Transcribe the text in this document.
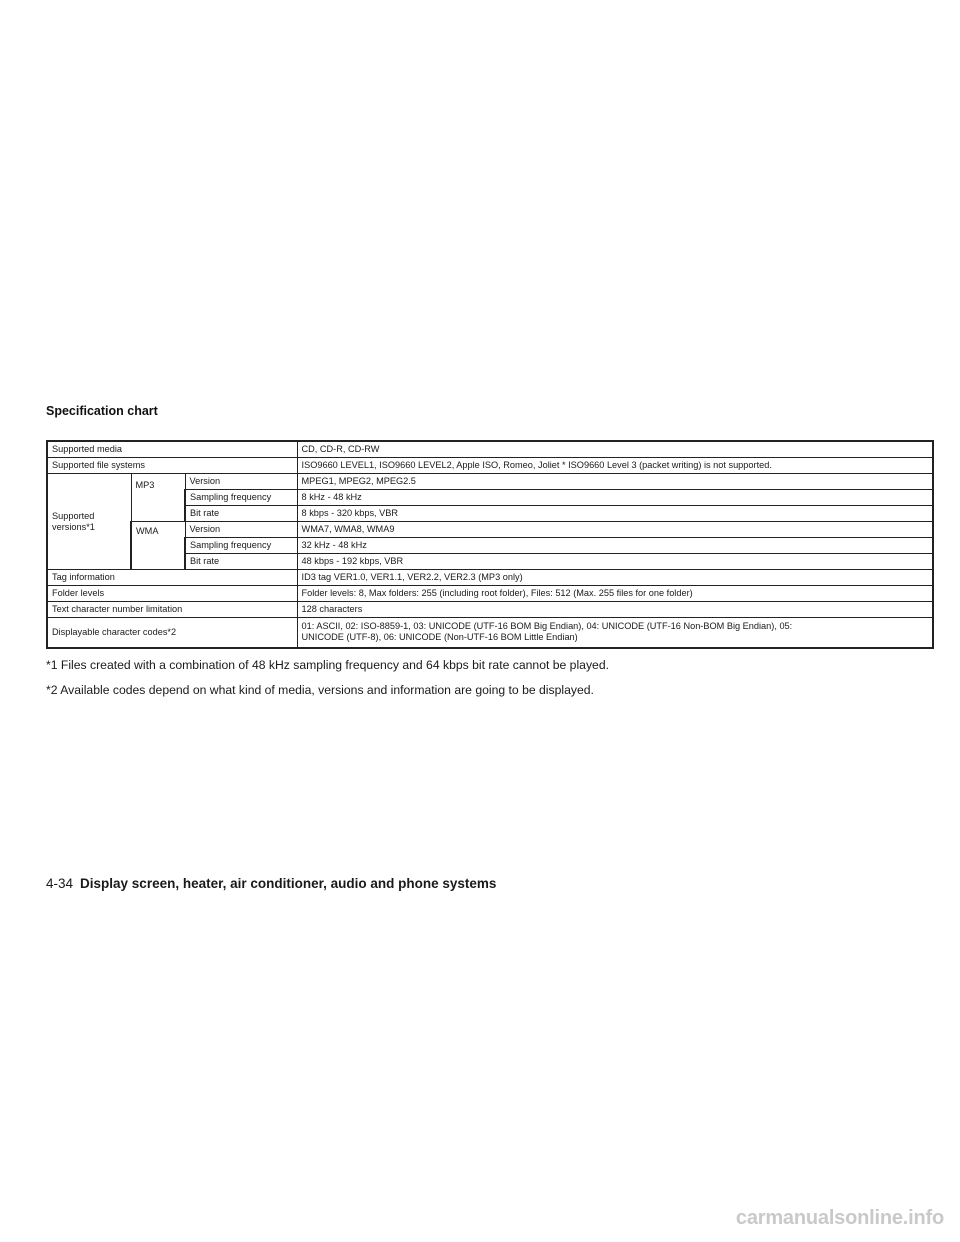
Specification chart
Supported media			CD, CD-R, CD-RW
Supported file systems			ISO9660 LEVEL1, ISO9660 LEVEL2, Apple ISO, Romeo, Joliet * ISO9660 Level 3 (packet writing) is not supported.
Supported versions*1	MP3	Version	MPEG1, MPEG2, MPEG2.5
		Sampling frequency	8 kHz - 48 kHz
		Bit rate	8 kbps - 320 kbps, VBR
	WMA	Version	WMA7, WMA8, WMA9
		Sampling frequency	32 kHz - 48 kHz
		Bit rate	48 kbps - 192 kbps, VBR
Tag information			ID3 tag VER1.0, VER1.1, VER2.2, VER2.3 (MP3 only)
Folder levels			Folder levels: 8, Max folders: 255 (including root folder), Files: 512 (Max. 255 files for one folder)
Text character number limitation			128 characters
Displayable character codes*2			01: ASCII, 02: ISO-8859-1, 03: UNICODE (UTF-16 BOM Big Endian), 04: UNICODE (UTF-16 Non-BOM Big Endian), 05:
UNICODE (UTF-8), 06: UNICODE (Non-UTF-16 BOM Little Endian)

*1 Files created with a combination of 48 kHz sampling frequency and 64 kbps bit rate cannot be played.

*2 Available codes depend on what kind of media, versions and information are going to be displayed.

4-34 Display screen, heater, air conditioner, audio and phone systems
carmanualsonline.info
